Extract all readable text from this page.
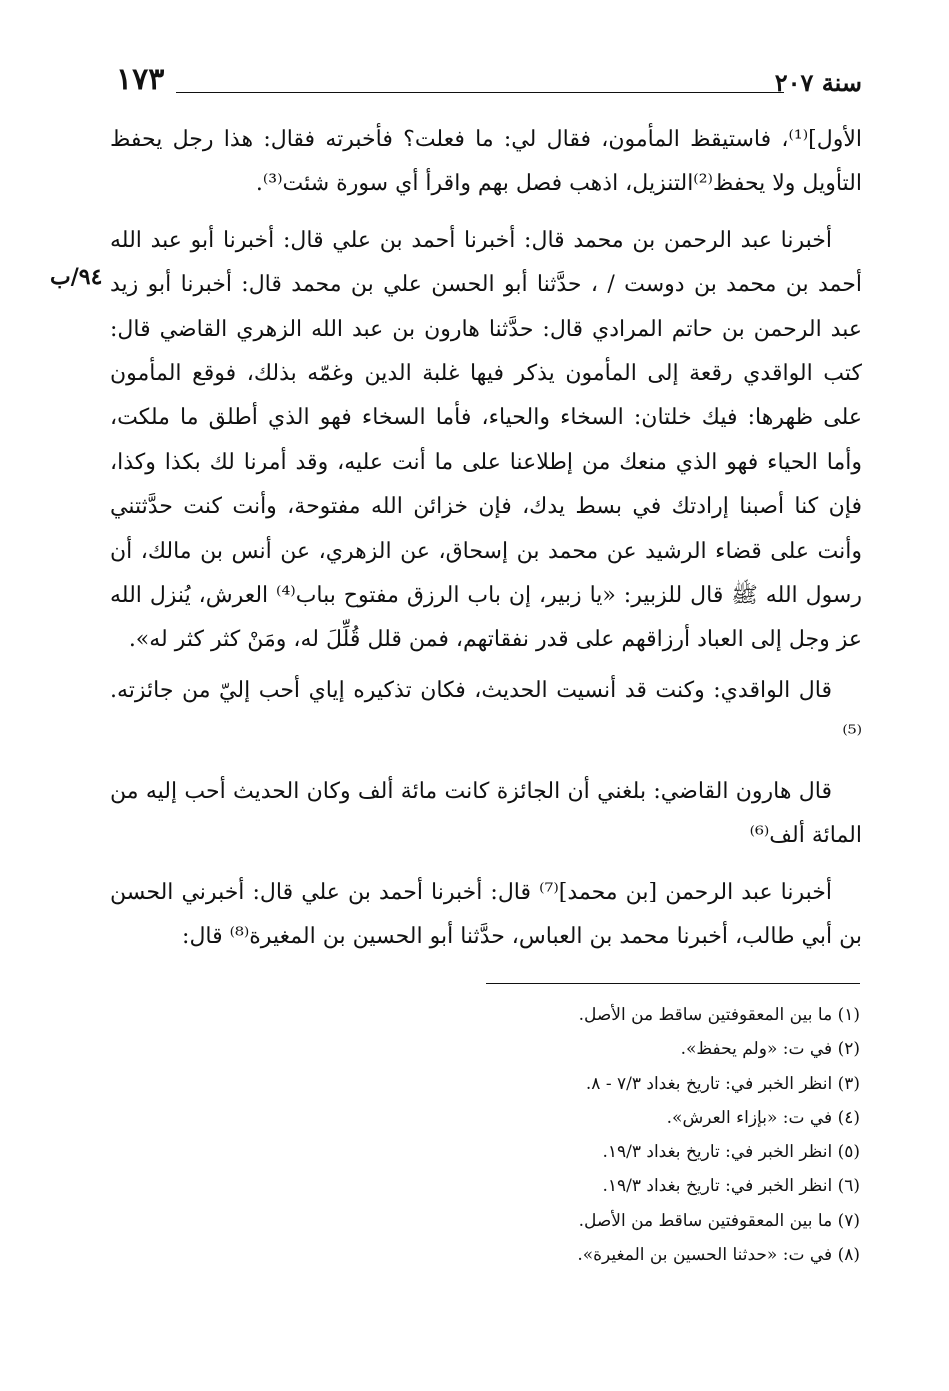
سنة ٢٠٧
١٧٣
٩٤/ب

الأول]⁽¹⁾، فاستيقظ المأمون، فقال لي: ما فعلت؟ فأخبرته فقال: هذا رجل يحفظ التأويل ولا يحفظ⁽²⁾التنزيل، اذهب فصل بهم واقرأ أي سورة شئت⁽³⁾.

أخبرنا عبد الرحمن بن محمد قال: أخبرنا أحمد بن علي قال: أخبرنا أبو عبد الله أحمد بن محمد بن دوست / ، حدَّثنا أبو الحسن علي بن محمد قال: أخبرنا أبو زيد عبد الرحمن بن حاتم المرادي قال: حدَّثنا هارون بن عبد الله الزهري القاضي قال: كتب الواقدي رقعة إلى المأمون يذكر فيها غلبة الدين وغمّه بذلك، فوقع المأمون على ظهرها: فيك خلتان: السخاء والحياء، فأما السخاء فهو الذي أطلق ما ملكت، وأما الحياء فهو الذي منعك من إطلاعنا على ما أنت عليه، وقد أمرنا لك بكذا وكذا، فإن كنا أصبنا إرادتك في بسط يدك، فإن خزائن الله مفتوحة، وأنت كنت حدَّثتني وأنت على قضاء الرشيد عن محمد بن إسحاق، عن الزهري، عن أنس بن مالك، أن رسول الله ﷺ قال للزبير: «يا زبير، إن باب الرزق مفتوح بباب⁽⁴⁾ العرش، يُنزل الله عز وجل إلى العباد أرزاقهم على قدر نفقاتهم، فمن قلل قُلِّلَ له، ومَنْ كثر كثر له».

قال الواقدي: وكنت قد أنسيت الحديث، فكان تذكيره إياي أحب إليّ من جائزته. ⁽⁵⁾

قال هارون القاضي: بلغني أن الجائزة كانت مائة ألف وكان الحديث أحب إليه من المائة ألف⁽⁶⁾

أخبرنا عبد الرحمن [بن محمد]⁽⁷⁾ قال: أخبرنا أحمد بن علي قال: أخبرني الحسن بن أبي طالب، أخبرنا محمد بن العباس، حدَّثنا أبو الحسين بن المغيرة⁽⁸⁾ قال:

(١) ما بين المعقوفتين ساقط من الأصل.
(٢) في ت: «ولم يحفظ».
(٣) انظر الخبر في: تاريخ بغداد ٧/٣ - ٨.
(٤) في ت: «بإزاء العرش».
(٥) انظر الخبر في: تاريخ بغداد ١٩/٣.
(٦) انظر الخبر في: تاريخ بغداد ١٩/٣.
(٧) ما بين المعقوفتين ساقط من الأصل.
(٨) في ت: «حدثنا الحسين بن المغيرة».
